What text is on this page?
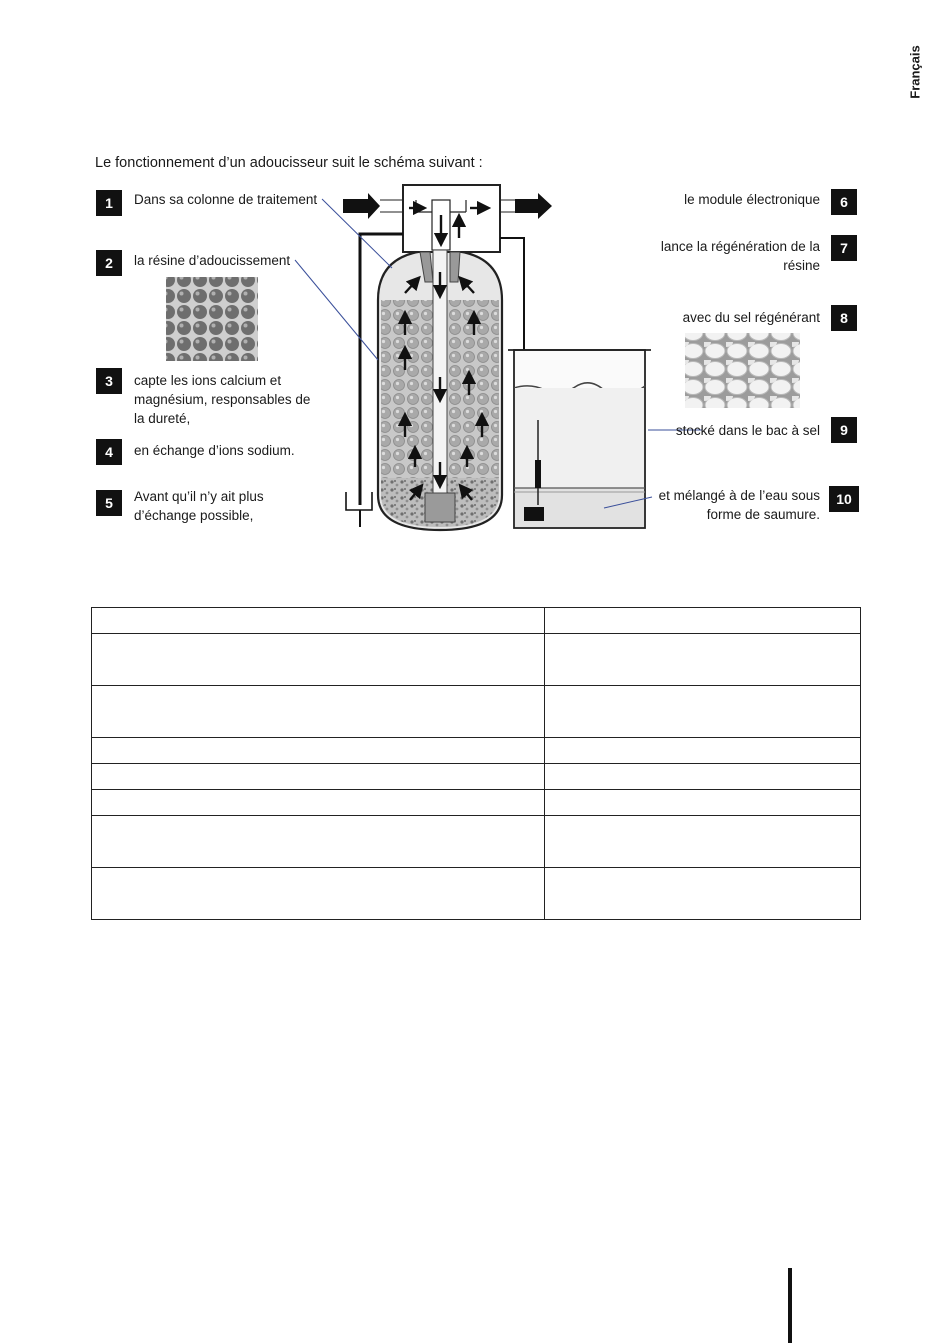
Français
Le fonctionnement d’un adoucisseur suit le schéma suivant :
1
2
3
4
5
6
7
8
9
10
Dans sa colonne de traitement
la résine d’adoucissement
capte les ions calcium et magnésium, responsables de la dureté,
en échange d’ions sodium.
Avant qu’il n’y ait plus d’échange possible,
le module électronique
lance la régénération de la résine
avec du sel régénérant
stocké dans le bac à sel
et mélangé à de l’eau sous forme de saumure.
